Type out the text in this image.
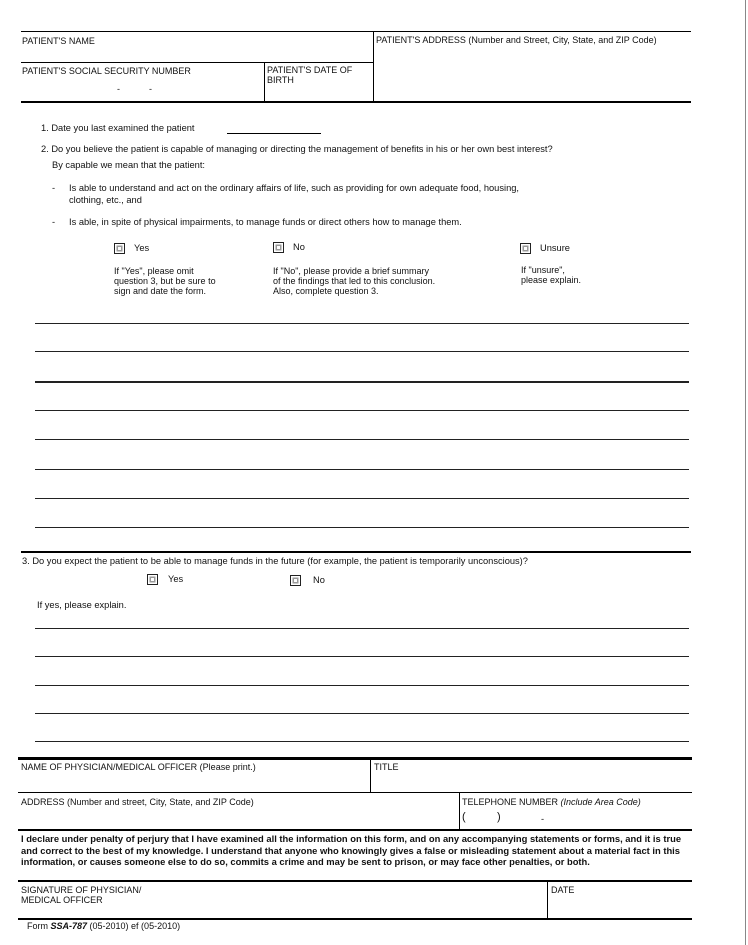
PATIENT'S NAME	PATIENT'S ADDRESS (Number and Street, City, State, and ZIP Code)
PATIENT'S SOCIAL SECURITY NUMBER
-	-
PATIENT'S DATE OF
BIRTH
1. Date you last examined the patient
2. Do you believe the patient is capable of managing or directing the management of benefits in his or her own best interest?
By capable we mean that the patient:
- Is able to understand and act on the ordinary affairs of life, such as providing for own adequate food, housing,
clothing, etc., and
- Is able, in spite of physical impairments, to manage funds or direct others how to manage them.
Yes
If "Yes", please omit
question 3, but be sure to
sign and date the form.
No
If "No", please provide a brief summary
of the findings that led to this conclusion.
Also, complete question 3.
Unsure
If "unsure",
please explain.
3. Do you expect the patient to be able to manage funds in the future (for example, the patient is temporarily unconscious)?
Yes	No
If yes, please explain.
NAME OF PHYSICIAN/MEDICAL OFFICER (Please print.)	TITLE
ADDRESS (Number and street, City, State, and ZIP Code)	TELEPHONE NUMBER (Include Area Code)
(	)	-
I declare under penalty of perjury that I have examined all the information on this form, and on any accompanying statements or forms, and it is true and correct to the best of my knowledge. I understand that anyone who knowingly gives a false or misleading statement about a material fact in this information, or causes someone else to do so, commits a crime and may be sent to prison, or may face other penalties, or both.
SIGNATURE OF PHYSICIAN/
MEDICAL OFFICER
DATE
Form SSA-787 (05-2010) ef (05-2010)
